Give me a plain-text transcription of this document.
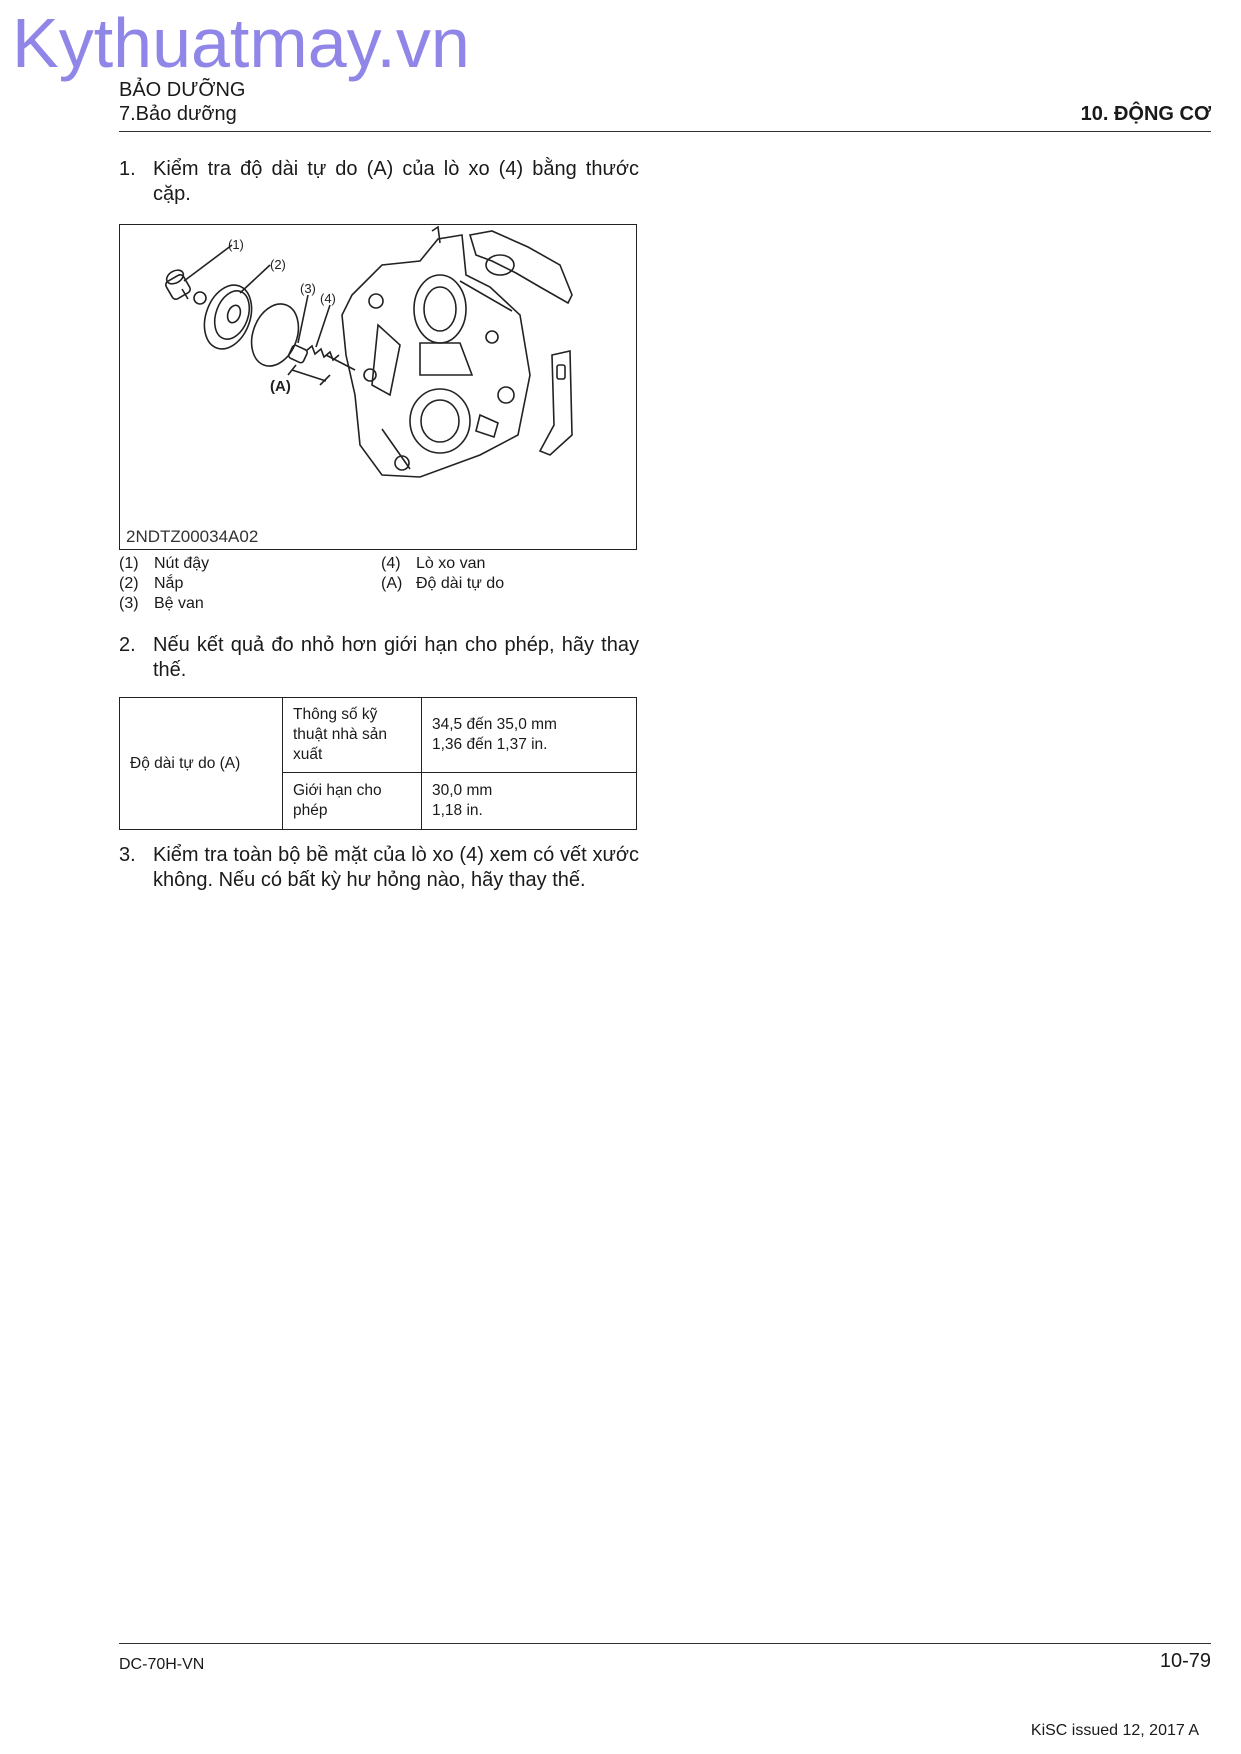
Kythuatmay.vn
BẢO DƯỠNG
7.Bảo dưỡng	10. ĐỘNG CƠ
1. Kiểm tra độ dài tự do (A) của lò xo (4) bằng thước cặp.
(1)
(2)
(3)
(4)
(A)
2NDTZ00034A02
(1) Nút đậy
(2) Nắp
(3) Bệ van
(4) Lò xo van
(A) Độ dài tự do
2. Nếu kết quả đo nhỏ hơn giới hạn cho phép, hãy thay thế.
Độ dài tự do (A)	Thông số kỹ thuật nhà sản xuất	34,5 đến 35,0 mm
1,36 đến 1,37 in.

	Giới hạn cho phép	30,0 mm
1,18 in.
3. Kiểm tra toàn bộ bề mặt của lò xo (4) xem có vết xước không. Nếu có bất kỳ hư hỏng nào, hãy thay thế.
DC-70H-VN	10-79
KiSC issued 12, 2017 A
